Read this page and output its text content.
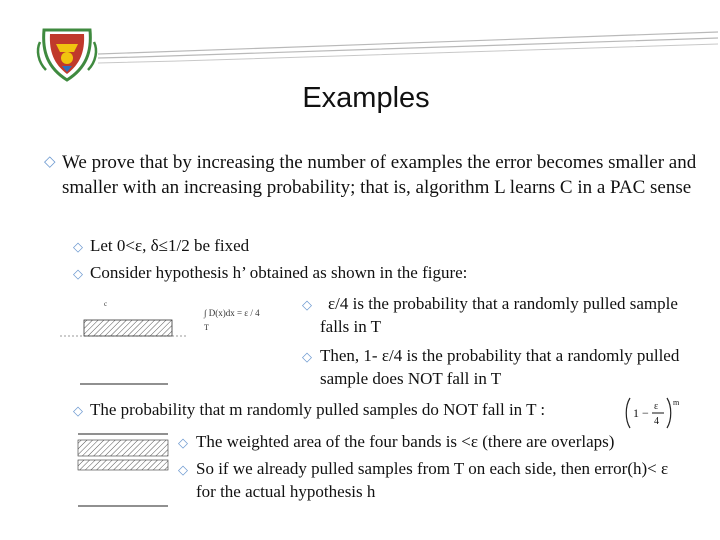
Examples
◇ We prove that by increasing the number of examples the error becomes smaller and smaller with an increasing probability; that is, algorithm L learns C in a PAC sense
◇ Let 0<ε, δ≤1/2 be fixed
◇ Consider hypothesis h’ obtained as shown in the figure:
c
∫ D(x)dx = ε / 4
T
◇ ε/4 is the probability that a randomly pulled sample falls in T
◇ Then, 1- ε/4 is the probability that a randomly pulled sample does NOT fall in T
◇ The probability that m randomly pulled samples do NOT fall in T :	1 − ε
4
m
◇ The weighted area of the four bands is <ε (there are overlaps)
◇ So if we already pulled samples from T on each side, then error(h)< ε for the actual hypothesis h
